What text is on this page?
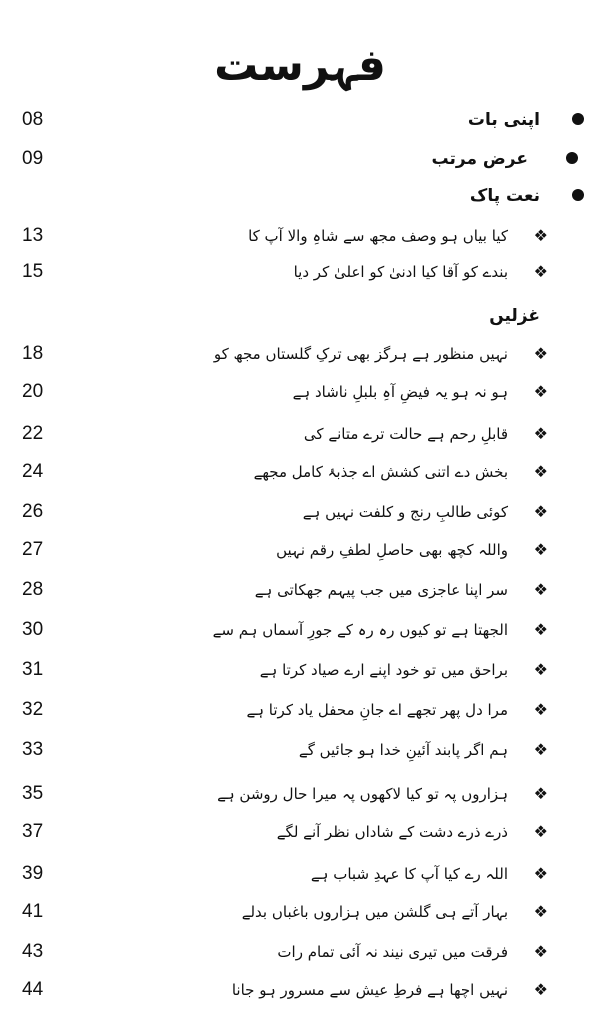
فہرست
08	اپنی بات
09	عرض مرتب
نعت پاک
13	کیا بیاں ہو وصف مجھ سے شاہِ والا آپ کا ❖
15	بندے کو آقا کیا ادنیٰ کو اعلیٰ کر دیا ❖
غزلیں
18	نہیں منظور ہے ہرگز بھی ترکِ گلستاں مجھ کو ❖
20	ہو نہ ہو یہ فیضِ آہِ بلبلِ ناشاد ہے ❖
22	قابلِ رحم ہے حالت ترے متانے کی ❖
24	بخش دے اتنی کشش اے جذبۂ کامل مجھے ❖
26	کوئی طالبِ رنج و کلفت نہیں ہے ❖
27	واللہ کچھ بھی حاصلِ لطفِ رقم نہیں ❖
28	سر اپنا عاجزی میں جب پیہم جھکاتی ہے ❖
30	الجھتا ہے تو کیوں رہ رہ کے جورِ آسماں ہم سے ❖
31	براحق میں تو خود اپنے ارے صیاد کرتا ہے ❖
32	مرا دل پھر تجھے اے جانِ محفل یاد کرتا ہے ❖
33	ہم اگر پابند آئینِ خدا ہو جائیں گے ❖
35	ہزاروں پہ تو کیا لاکھوں پہ میرا حال روشن ہے ❖
37	ذرے ذرے دشت کے شاداں نظر آنے لگے ❖
39	اللہ رے کیا آپ کا عہدِ شباب ہے ❖
41	بہار آتے ہی گلشن میں ہزاروں باغباں بدلے ❖
43	فرقت میں تیری نیند نہ آئی تمام رات ❖
44	نہیں اچھا ہے فرطِ عیش سے مسرور ہو جانا ❖
